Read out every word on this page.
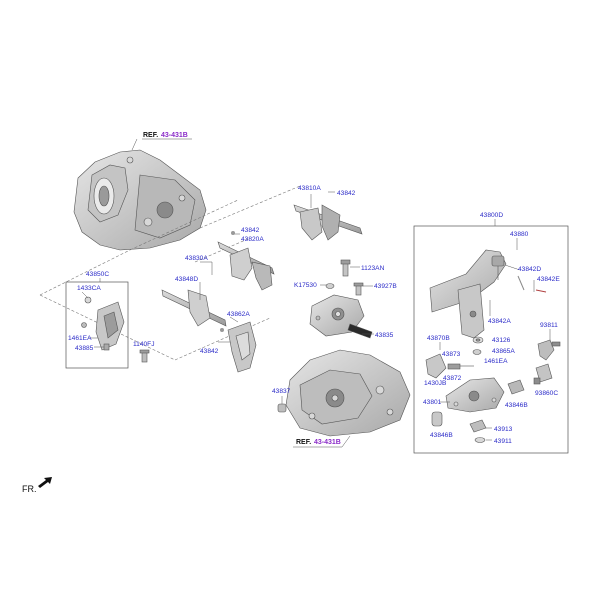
REF. 43-431B
43810A
43842
43842
43820A
43830A
43848D
43862A
43842
43850C
1433CA
1461EA
43885
1140FJ
1123AN
K17530	43927B
43835
43837
REF. 43-431B
43800D
43880
43842D
43842E
43842A
43870B
43873
43126
43865A
1461EA
93811
1430JB
43872
43801	43846B
93860C
43846B
43913
43911
FR.
